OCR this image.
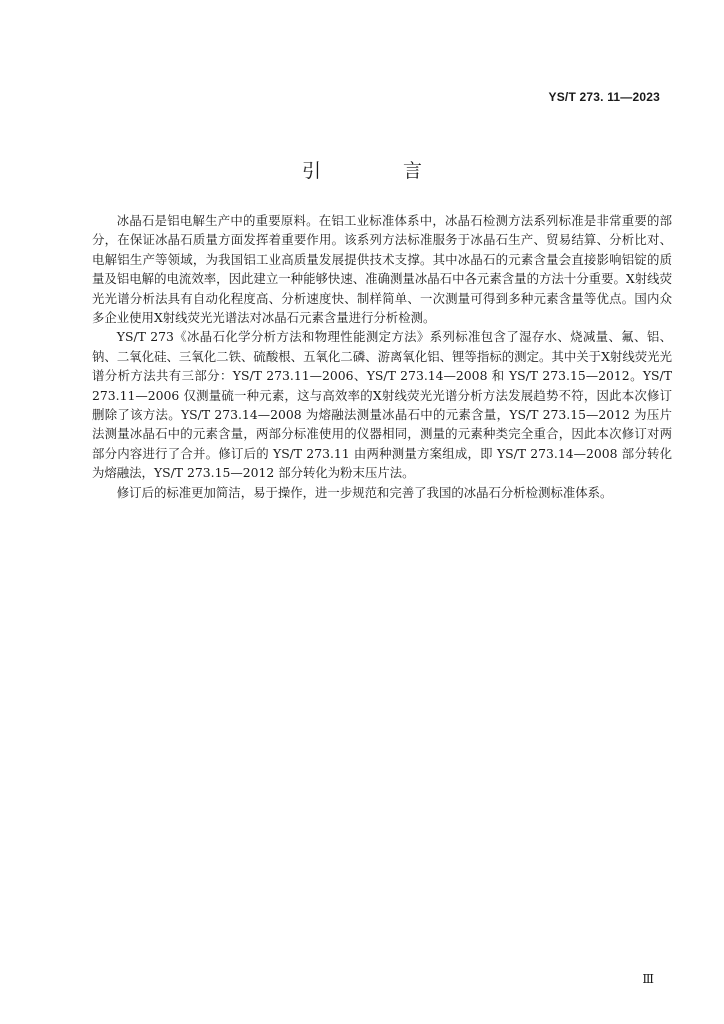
YS/T 273. 11—2023
引 言

冰晶石是铝电解生产中的重要原料。在铝工业标准体系中，冰晶石检测方法系列标准是非常重要的部分，在保证冰晶石质量方面发挥着重要作用。该系列方法标准服务于冰晶石生产、贸易结算、分析比对、电解铝生产等领域，为我国铝工业高质量发展提供技术支撑。其中冰晶石的元素含量会直接影响铝锭的质量及铝电解的电流效率，因此建立一种能够快速、准确测量冰晶石中各元素含量的方法十分重要。X射线荧光光谱分析法具有自动化程度高、分析速度快、制样简单、一次测量可得到多种元素含量等优点。国内众多企业使用X射线荧光光谱法对冰晶石元素含量进行分析检测。

YS/T 273《冰晶石化学分析方法和物理性能测定方法》系列标准包含了湿存水、烧减量、氟、铝、钠、二氧化硅、三氧化二铁、硫酸根、五氧化二磷、游离氧化铝、锂等指标的测定。其中关于X射线荧光光谱分析方法共有三部分：YS/T 273.11—2006、YS/T 273.14—2008 和 YS/T 273.15—2012。YS/T 273.11—2006 仅测量硫一种元素，这与高效率的X射线荧光光谱分析方法发展趋势不符，因此本次修订删除了该方法。YS/T 273.14—2008 为熔融法测量冰晶石中的元素含量，YS/T 273.15—2012 为压片法测量冰晶石中的元素含量，两部分标准使用的仪器相同，测量的元素种类完全重合，因此本次修订对两部分内容进行了合并。修订后的 YS/T 273.11 由两种测量方案组成，即 YS/T 273.14—2008 部分转化为熔融法，YS/T 273.15—2012 部分转化为粉末压片法。

修订后的标准更加简洁，易于操作，进一步规范和完善了我国的冰晶石分析检测标准体系。

Ⅲ
